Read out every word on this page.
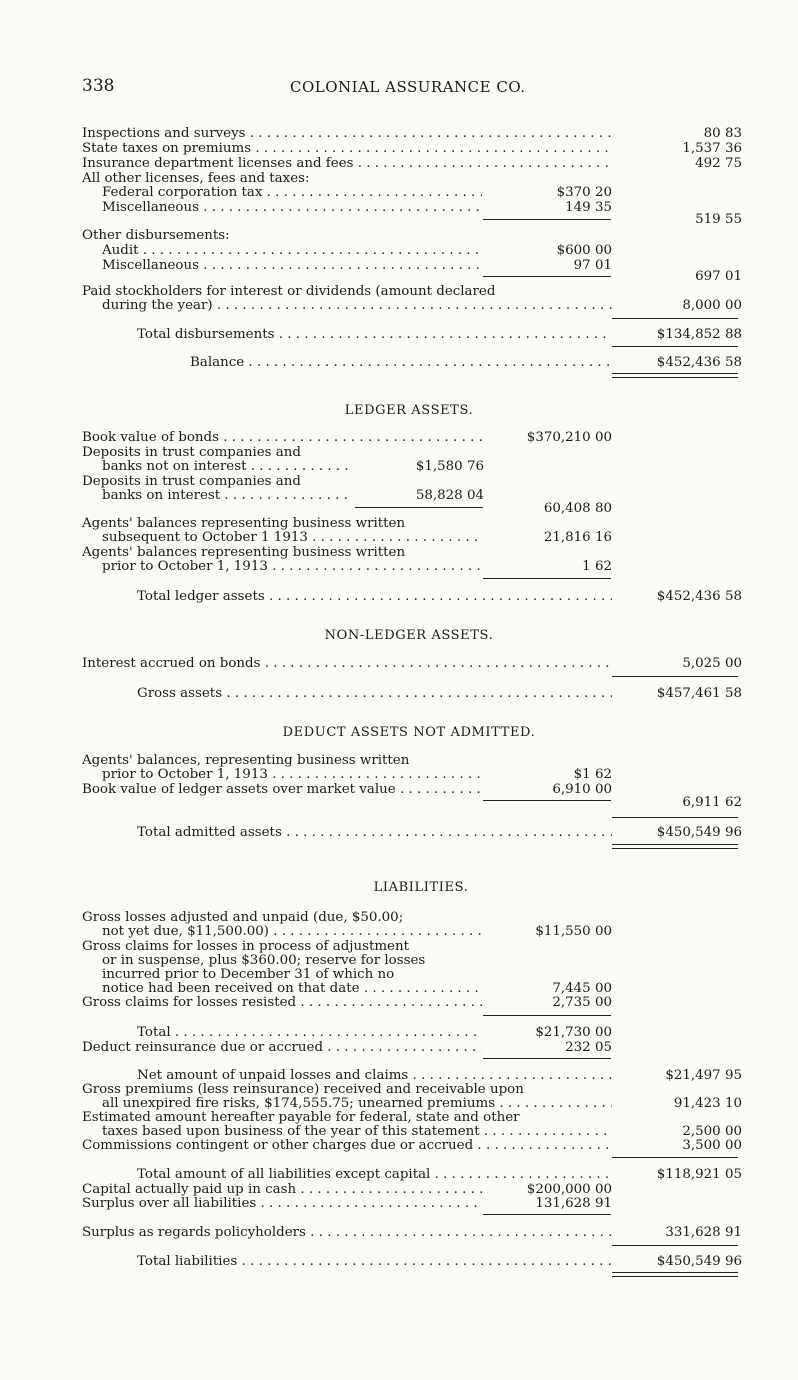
338	COLONIAL ASSURANCE CO.
Inspections and surveys . . .	80 83
State taxes on premiums . . .	1,537 36
Insurance department licenses and fees . . .	492 75
All other licenses, fees and taxes:
Federal corporation tax . . .	$370 20
Miscellaneous . . .	149 35
519 55
Other disbursements:
Audit . . .	$600 00
Miscellaneous . . .	97 01
697 01
Paid stockholders for interest or dividends (amount declared
during the year) . . .	8,000 00
Total disbursements . . .	$134,852 88
Balance . . .	$452,436 58
LEDGER ASSETS.
Book value of bonds . . .	$370,210 00
Deposits in trust companies and
banks not on interest . . .	$1,580 76
Deposits in trust companies and
banks on interest . . .	58,828 04
60,408 80
Agents' balances representing business written
subsequent to October 1 1913 . . .	21,816 16
Agents' balances representing business written
prior to October 1, 1913 . . .	1 62
Total ledger assets . . .	$452,436 58
NON-LEDGER ASSETS.
Interest accrued on bonds . . .	5,025 00
Gross assets . . .	$457,461 58
DEDUCT ASSETS NOT ADMITTED.
Agents' balances, representing business written
prior to October 1, 1913 . . .	$1 62
Book value of ledger assets over market value . . .	6,910 00
6,911 62
Total admitted assets . . .	$450,549 96
LIABILITIES.
Gross losses adjusted and unpaid (due, $50.00;
not yet due, $11,500.00) . . .	$11,550 00
Gross claims for losses in process of adjustment
or in suspense, plus $360.00; reserve for losses
incurred prior to December 31 of which no
notice had been received on that date . . .	7,445 00
Gross claims for losses resisted . . .	2,735 00
Total . . .	$21,730 00
Deduct reinsurance due or accrued . . .	232 05
Net amount of unpaid losses and claims . . .	$21,497 95
Gross premiums (less reinsurance) received and receivable upon
all unexpired fire risks, $174,555.75; unearned premiums . . .	91,423 10
Estimated amount hereafter payable for federal, state and other
taxes based upon business of the year of this statement . . .	2,500 00
Commissions contingent or other charges due or accrued . . .	3,500 00
Total amount of all liabilities except capital . . .	$118,921 05
Capital actually paid up in cash . . .	$200,000 00
Surplus over all liabilities . . .	131,628 91
Surplus as regards policyholders . . .	331,628 91
Total liabilities . . .	$450,549 96
